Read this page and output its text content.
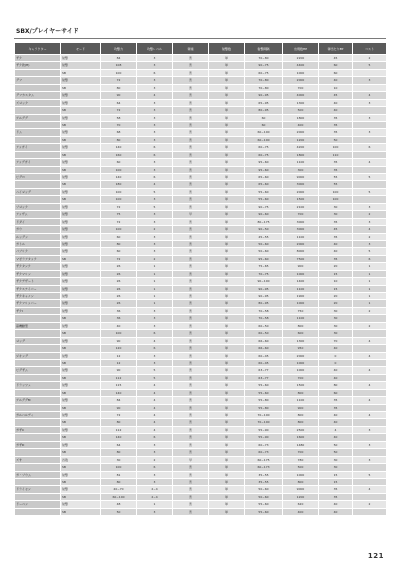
SBX/プレイヤーサイド
キャラクター	モード	攻撃力	攻撃レベル	弾速	射撃数	射撃間隔	出現数HP	弾当たりEP	コスト
ザク	射撃	84	3	普	単	70~80	2200	45	2
ザク改(H)	射撃	108	3	普	単	90~75	4400	60	5
	SB	100	6	普	単	60~75	1000	60	
グフ	射撃	72	3	普	単	70~80	2000	40	3
	SB	80	3	普	単	70~80	700	10	
グフカスタム	射撃	90	4	普	単	90~95	4000	45	4
ズゴック	射撃	64	3	普	単	65~95	1300	40	3
	SB	72	3	普	単	80~95	500	40	
ゲルググ	射撃	58	3	普	単	60	1800	35	3
	SB	70	3	普	単	60	400	35	
ドム	射撃	68	3	普	単	60~100	2000	35	3
	SB	80	3	普	単	60~100	1200	50	
アッガイ	射撃	140	6	普	単	60~75	4200	100	6
	SB	160	6	普	単	60~75	1800	110	
アッグガイ	射撃	60	3	普	単	95~60	1100	35	4
	SB	100	3	普	単	95~60	300	35	
ビグロ	射撃	140	6	普	単	65~60	9000	55	5
	SB	180	4	普	単	65~60	3000	55	
ハイゴッグ	射撃	100	5	普	単	55~60	2000	100	5
	SB	100	3	普	単	55~60	1500	100	
ゾゴック	射撃	72	5	普	単	90~75	2100	30	3
アッザム	射撃	75	3	早	単	90~60	700	30	2
ドダイ	射撃	72	3	普	単	80~175	3000	35	3
ガウ	射撃	100	2	普	単	90~50	3000	45	4
ルッグン	射撃	60	3	普	単	45~55	1100	35	2
ガトル	射撃	80	3	普	単	50~60	2000	40	3
パブリク	射撃	60	3	普	単	50~60	8000	40	5
マゼラアタック	SB	72	2	普	単	95~60	7500	35	6
ザクタンク	射撃	26	1	普	単	75~65	900	20	1
ザクマリン	射撃	26	1	普	単	70~75	1000	15	1
ザクデザート	射撃	26	1	普	単	90~100	1400	10	1
ザクスナイパー	射撃	26	1	普	単	90~95	1100	15	1
ザクキャノン	射撃	26	1	普	単	90~95	1900	20	1
ザクフリッパー	射撃	26	1	普	単	80~95	1000	20	1
ザクI	射撃	36	3	普	単	70~58	750	30	2
	SB	36	3	普	単	70~58	1100	30	
高機動型	射撃	40	3	普	単	60~50	800	30	2
	SB	100	6	普	単	60~50	600	30	
ゴッグ	射撃	90	4	普	単	66~60	1300	70	4
	SB	120	6	普	単	66~60	950	40	
ジオング	射撃	12	3	普	単	60~45	2000	0	4
	SB	12	3	普	単	60~45	1000	0	
ビグザム	射撃	90	5	普	単	63~77	1000	40	4
	SB	112	5	普	単	63~77	700	40	
ドラッツェ	射撃	115	4	普	単	55~60	1500	80	4
	SB	140	4	普	単	55~60	800	60	
ゲルググM	射撃	84	4	普	単	55~80	1100	35	4
	SB	90	4	普	単	55~80	900	35	
ガルバルディ	射撃	72	4	普	単	70~100	800	40	4
	SB	80	4	普	単	70~100	800	40	
ガザC	射撃	112	4	普	単	55~90	2500	4	3
	SB	140	6	普	単	55~90	1600	40	
ガザD	射撃	64	3	普	単	60~73	1480	50	3
	SB	80	3	普	単	60~73	700	50	
ズサ	四散	30	2	早	単	60~175	780	30	3
	SB	100	6	普	単	60~173	500	30	
ガ・ゾウム	射撃	81	3	普	単	35~55	1000	15	5
	SB	80	3	普	単	35~55	800	15	
ドライセン	射撃	40~70	2~4	普	単	50~60	9000	35	4
	SB	60~100	2~4	普	単	50~60	1200	35	
ドーベン	射撃	48	1	普	単	55~60	620	40	2
	SB	50	3	普	単	55~60	400	40	
121
